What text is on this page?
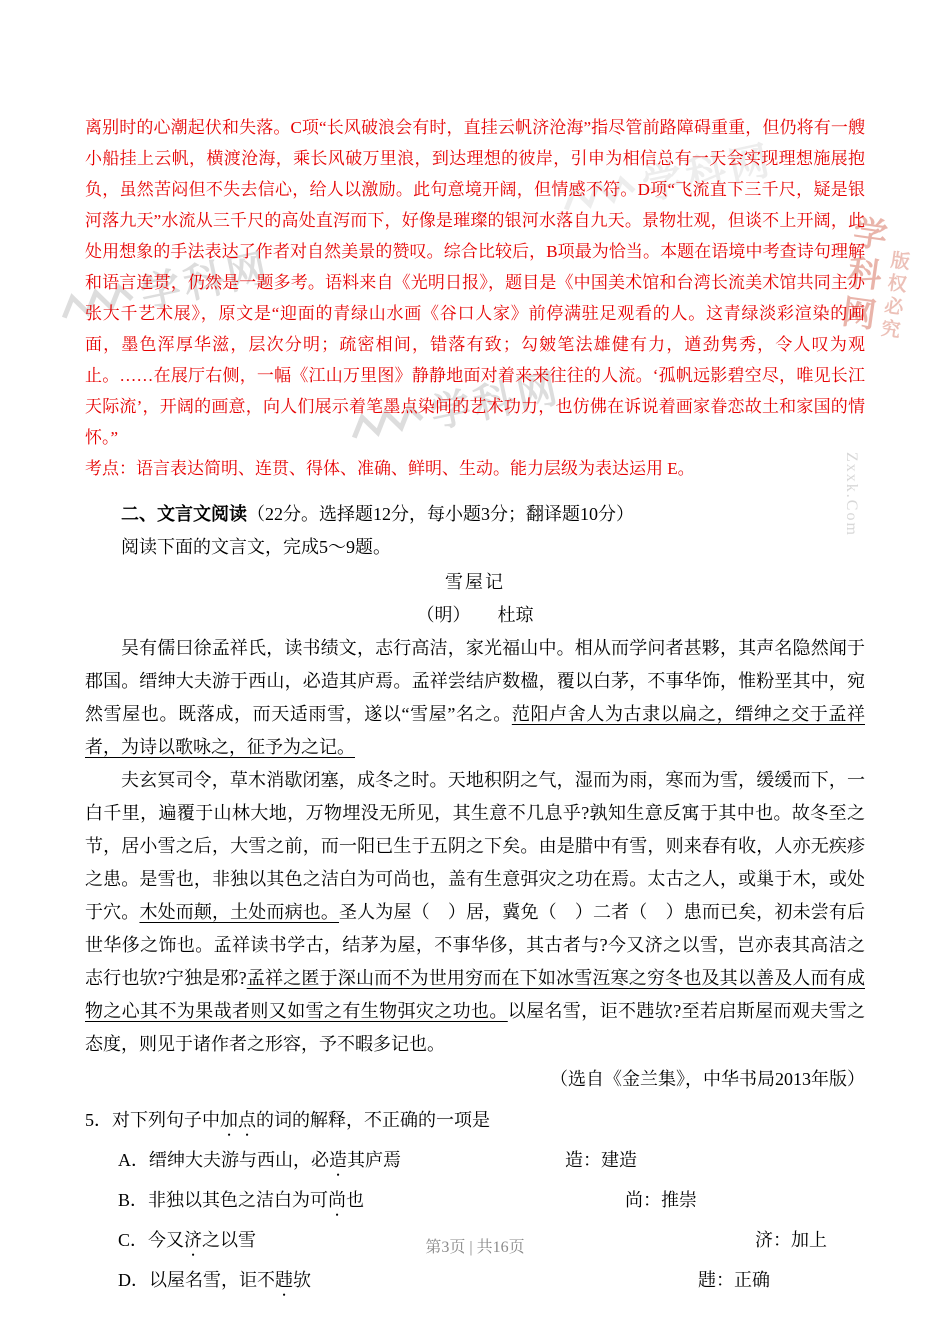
学科网
学科网
学科网
学科网
版权必究
Zxxk.Com

离别时的心潮起伏和失落。C项“长风破浪会有时，直挂云帆济沧海”指尽管前路障碍重重，但仍将有一艘小船挂上云帆，横渡沧海，乘长风破万里浪，到达理想的彼岸，引申为相信总有一天会实现理想施展抱负，虽然苦闷但不失去信心，给人以激励。此句意境开阔，但情感不符。D项“飞流直下三千尺，疑是银河落九天”水流从三千尺的高处直泻而下，好像是璀璨的银河水落自九天。景物壮观，但谈不上开阔，此处用想象的手法表达了作者对自然美景的赞叹。综合比较后，B项最为恰当。本题在语境中考查诗句理解和语言连贯，仍然是一题多考。语料来自《光明日报》，题目是《中国美术馆和台湾长流美术馆共同主办张大千艺术展》，原文是“迎面的青绿山水画《谷口人家》前停满驻足观看的人。这青绿淡彩渲染的画面，墨色浑厚华滋，层次分明；疏密相间，错落有致；勾皴笔法雄健有力，遒劲隽秀，令人叹为观止。……在展厅右侧，一幅《江山万里图》静静地面对着来来往往的人流。‘孤帆远影碧空尽，唯见长江天际流’，开阔的画意，向人们展示着笔墨点染间的艺术功力，也仿佛在诉说着画家眷恋故土和家国的情怀。”

考点：语言表达简明、连贯、得体、准确、鲜明、生动。能力层级为表达运用 E。

二、文言文阅读（22分。选择题12分，每小题3分；翻译题10分）

阅读下面的文言文，完成5～9题。

雪屋记

（明）　　杜琼

吴有儒曰徐孟祥氏，读书绩文，志行高洁，家光福山中。相从而学问者甚夥，其声名隐然闻于郡国。缙绅大夫游于西山，必造其庐焉。孟祥尝结庐数楹，覆以白茅，不事华饰，惟粉垩其中，宛然雪屋也。既落成，而天适雨雪，遂以“雪屋”名之。范阳卢舍人为古隶以扁之，缙绅之交于孟祥者，为诗以歌咏之，征予为之记。

夫玄冥司令，草木消歇闭塞，成冬之时。天地积阴之气，湿而为雨，寒而为雪，缓缓而下，一白千里，遍覆于山林大地，万物埋没无所见，其生意不几息乎?孰知生意反寓于其中也。故冬至之节，居小雪之后，大雪之前，而一阳已生于五阴之下矣。由是腊中有雪，则来春有收，人亦无疾疹之患。是雪也，非独以其色之洁白为可尚也，盖有生意弭灾之功在焉。太古之人，或巢于木，或处于穴。木处而颠，土处而病也。圣人为屋（　）居，冀免（　）二者（　）患而已矣，初未尝有后世华侈之饰也。孟祥读书学古，结茅为屋，不事华侈，其古者与?今又济之以雪，岂亦表其高洁之志行也欤?宁独是邪?孟祥之匿于深山而不为世用穷而在下如冰雪沍寒之穷冬也及其以善及人而有成物之心其不为果哉者则又如雪之有生物弭灾之功也。以屋名雪，讵不韪欤?至若启斯屋而观夫雪之态度，则见于诸作者之形容，予不暇多记也。

（选自《金兰集》，中华书局2013年版）

5．对下列句子中加点的词的解释，不正确的一项是

A．缙绅大夫游与西山，必造其庐焉	造：建造
B．非独以其色之洁白为可尚也	尚：推崇
C．今又济之以雪	济：加上
D．以屋名雪，讵不韪欤	韪：正确
第3页 | 共16页
